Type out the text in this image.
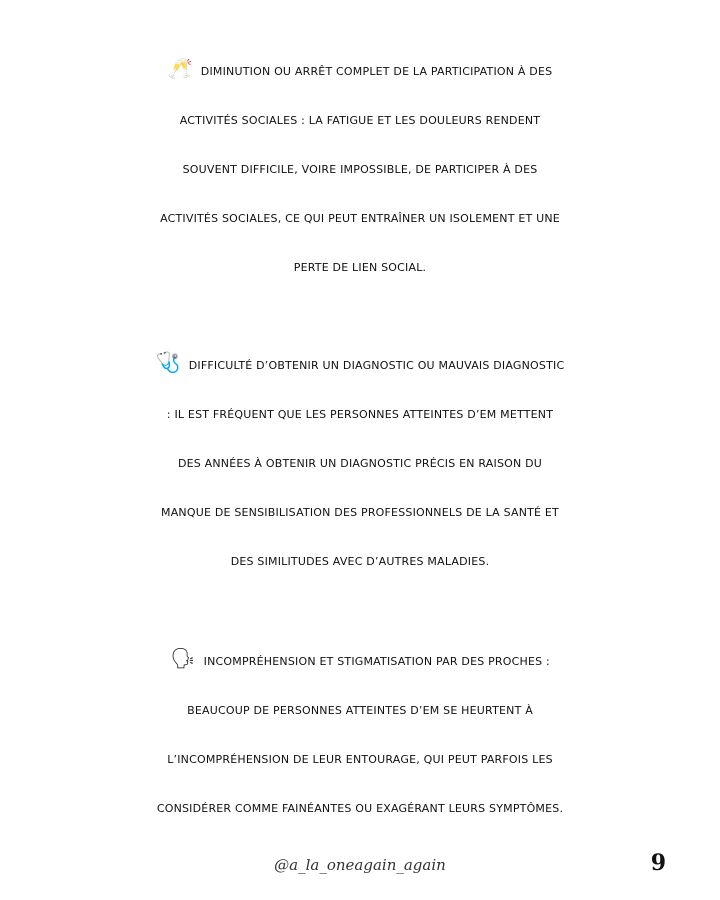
🥂DIMINUTION OU ARRÊT COMPLET DE LA PARTICIPATION À DES
ACTIVITÉS SOCIALES : LA FATIGUE ET LES DOULEURS RENDENT
SOUVENT DIFFICILE, VOIRE IMPOSSIBLE, DE PARTICIPER À DES
ACTIVITÉS SOCIALES, CE QUI PEUT ENTRAÎNER UN ISOLEMENT ET UNE
PERTE DE LIEN SOCIAL.
🩺DIFFICULTÉ D’OBTENIR UN DIAGNOSTIC OU MAUVAIS DIAGNOSTIC
: IL EST FRÉQUENT QUE LES PERSONNES ATTEINTES D’EM METTENT
DES ANNÉES À OBTENIR UN DIAGNOSTIC PRÉCIS EN RAISON DU
MANQUE DE SENSIBILISATION DES PROFESSIONNELS DE LA SANTÉ ET
DES SIMILITUDES AVEC D’AUTRES MALADIES.
🗣INCOMPRÉHENSION ET STIGMATISATION PAR DES PROCHES :
BEAUCOUP DE PERSONNES ATTEINTES D’EM SE HEURTENT À
L’INCOMPRÉHENSION DE LEUR ENTOURAGE, QUI PEUT PARFOIS LES
CONSIDÉRER COMME FAINÉANTES OU EXAGÉRANT LEURS SYMPTÔMES.
@a_la_oneagain_again	9
